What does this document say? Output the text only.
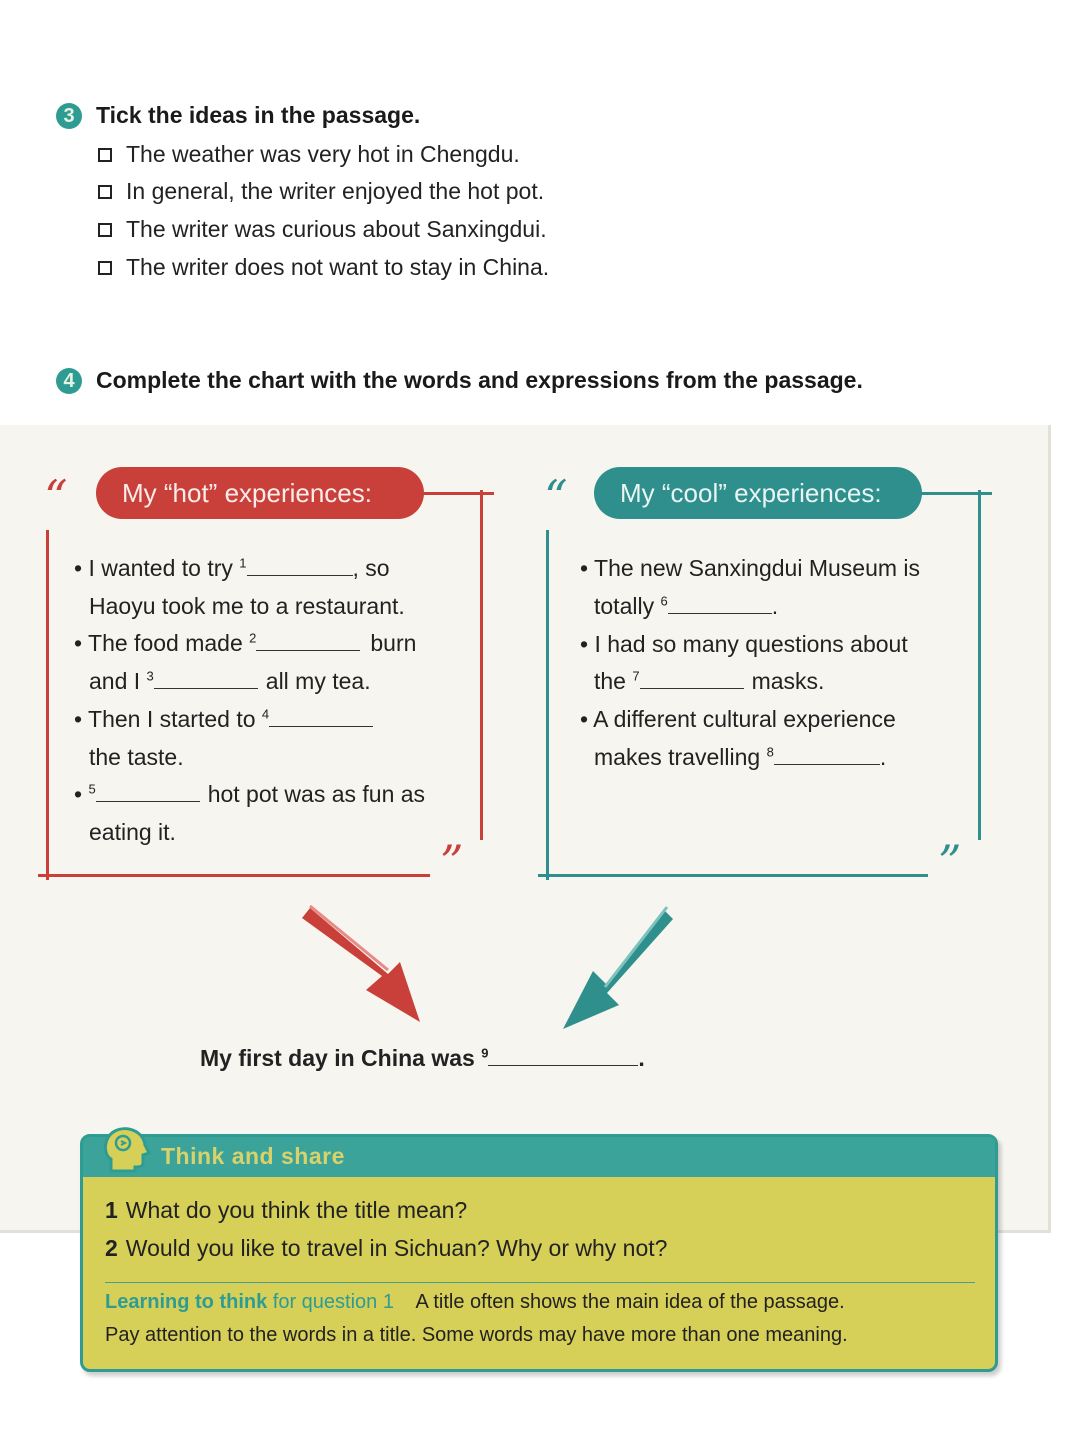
3 Tick the ideas in the passage.
The weather was very hot in Chengdu.
In general, the writer enjoyed the hot pot.
The writer was curious about Sanxingdui.
The writer does not want to stay in China.
4 Complete the chart with the words and expressions from the passage.
“
”
My “hot” experiences:
• I wanted to try $^1$	, so
Haoyu took me to a restaurant.
• The food made $^2$	burn
and I $^3$	all my tea.
• Then I started to $^4$
the taste.
• $^5$	hot pot was as fun as
eating it.
“
”
My “cool” experiences:
• The new Sanxingdui Museum is
totally $^6$	.
• I had so many questions about
the $^7$	masks.
• A different cultural experience
makes travelling $^8$	.
My first day in China was $^9$	.
Think and share
1 What do you think the title mean?
2 Would you like to travel in Sichuan? Why or why not?
Learning to think for question 1 A title often shows the main idea of the passage.
Pay attention to the words in a title. Some words may have more than one meaning.
